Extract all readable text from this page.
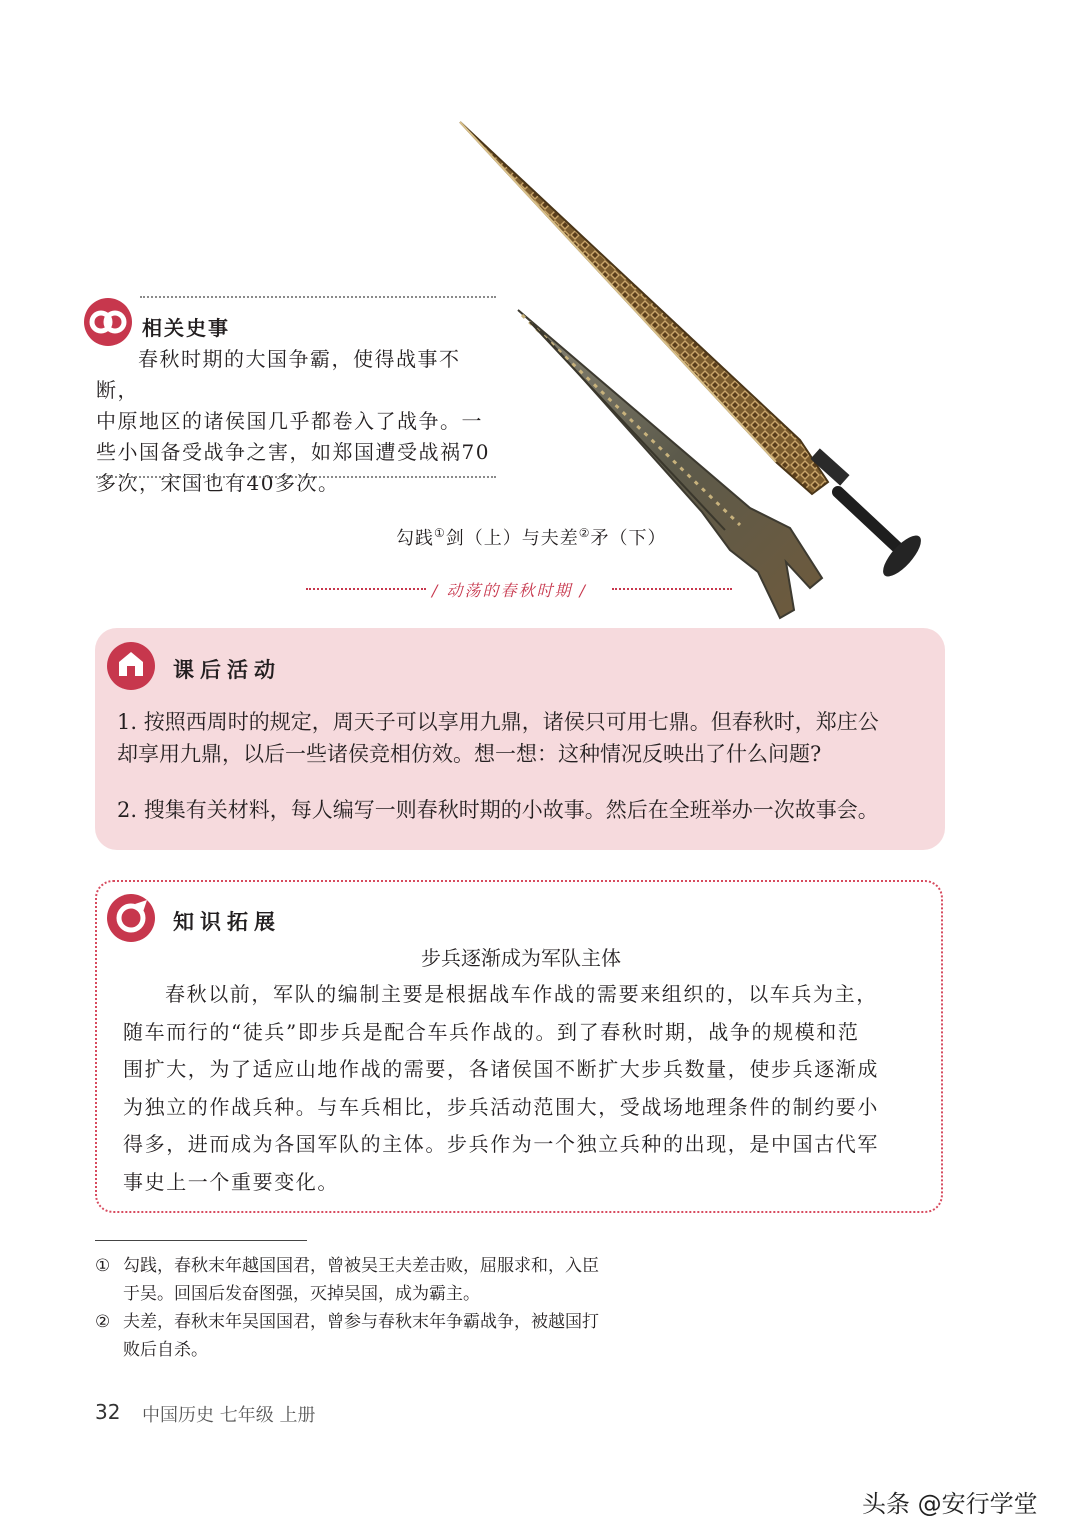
相关史事
春秋时期的大国争霸，使得战事不断，
中原地区的诸侯国几乎都卷入了战争。一
些小国备受战争之害，如郑国遭受战祸70
多次，宋国也有40多次。
勾践①剑（上）与夫差②矛（下）
/ 动荡的春秋时期 /
课后活动
1. 按照西周时的规定，周天子可以享用九鼎，诸侯只可用七鼎。但春秋时，郑庄公
却享用九鼎，以后一些诸侯竞相仿效。想一想：这种情况反映出了什么问题?
2. 搜集有关材料，每人编写一则春秋时期的小故事。然后在全班举办一次故事会。
知识拓展
步兵逐渐成为军队主体
春秋以前，军队的编制主要是根据战车作战的需要来组织的，以车兵为主，
随车而行的“徒兵”即步兵是配合车兵作战的。到了春秋时期，战争的规模和范
围扩大，为了适应山地作战的需要，各诸侯国不断扩大步兵数量，使步兵逐渐成
为独立的作战兵种。与车兵相比，步兵活动范围大，受战场地理条件的制约要小
得多，进而成为各国军队的主体。步兵作为一个独立兵种的出现，是中国古代军
事史上一个重要变化。
① 勾践，春秋末年越国国君，曾被吴王夫差击败，屈服求和，入臣
于吴。回国后发奋图强，灭掉吴国，成为霸主。
② 夫差，春秋末年吴国国君，曾参与春秋末年争霸战争，被越国打
败后自杀。
32 中国历史 七年级 上册
头条 @安行学堂
